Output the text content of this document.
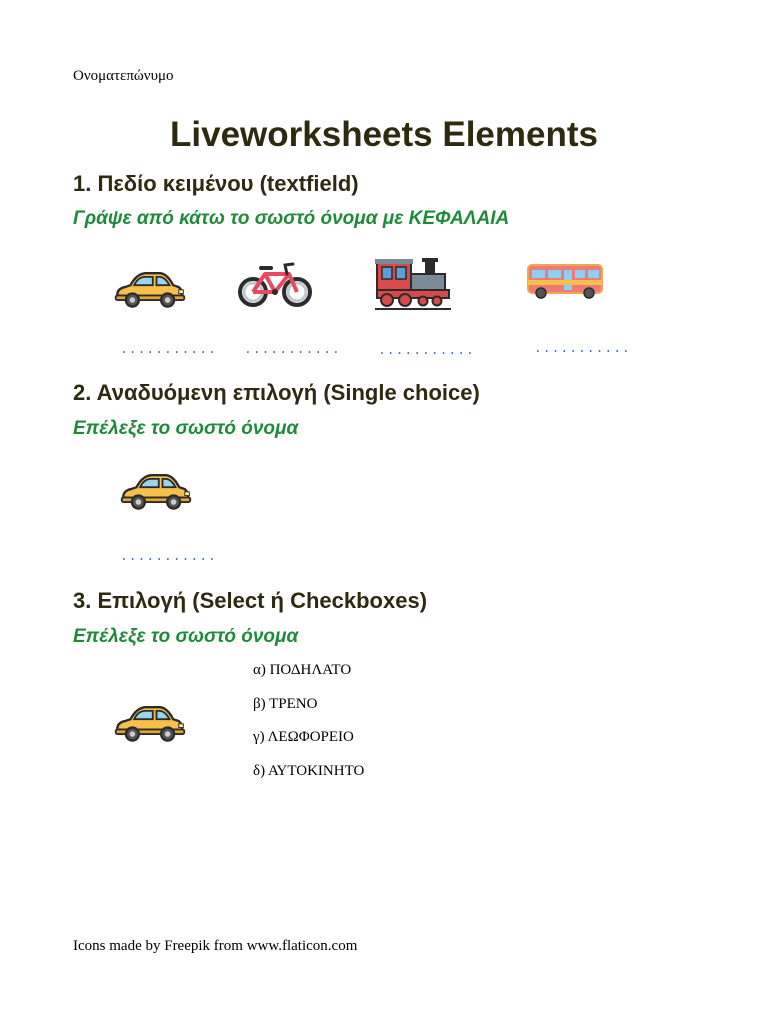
Ονοματεπώνυμο
Liveworksheets Elements
1. Πεδίο κειμένου (textfield)
Γράψε από κάτω το σωστό όνομα με ΚΕΦΑΛΑΙΑ
........... ...........	...........	...........
2. Αναδυόμενη επιλογή (Single choice)
Επέλεξε το σωστό όνομα
...........
3. Επιλογή (Select ή Checkboxes)
Επέλεξε το σωστό όνομα
α) ΠΟΔΗΛΑΤΟ
β) ΤΡΕΝΟ
γ) ΛΕΩΦΟΡΕΙΟ
δ) ΑΥΤΟΚΙΝΗΤΟ
Icons made by Freepik from www.flaticon.com
